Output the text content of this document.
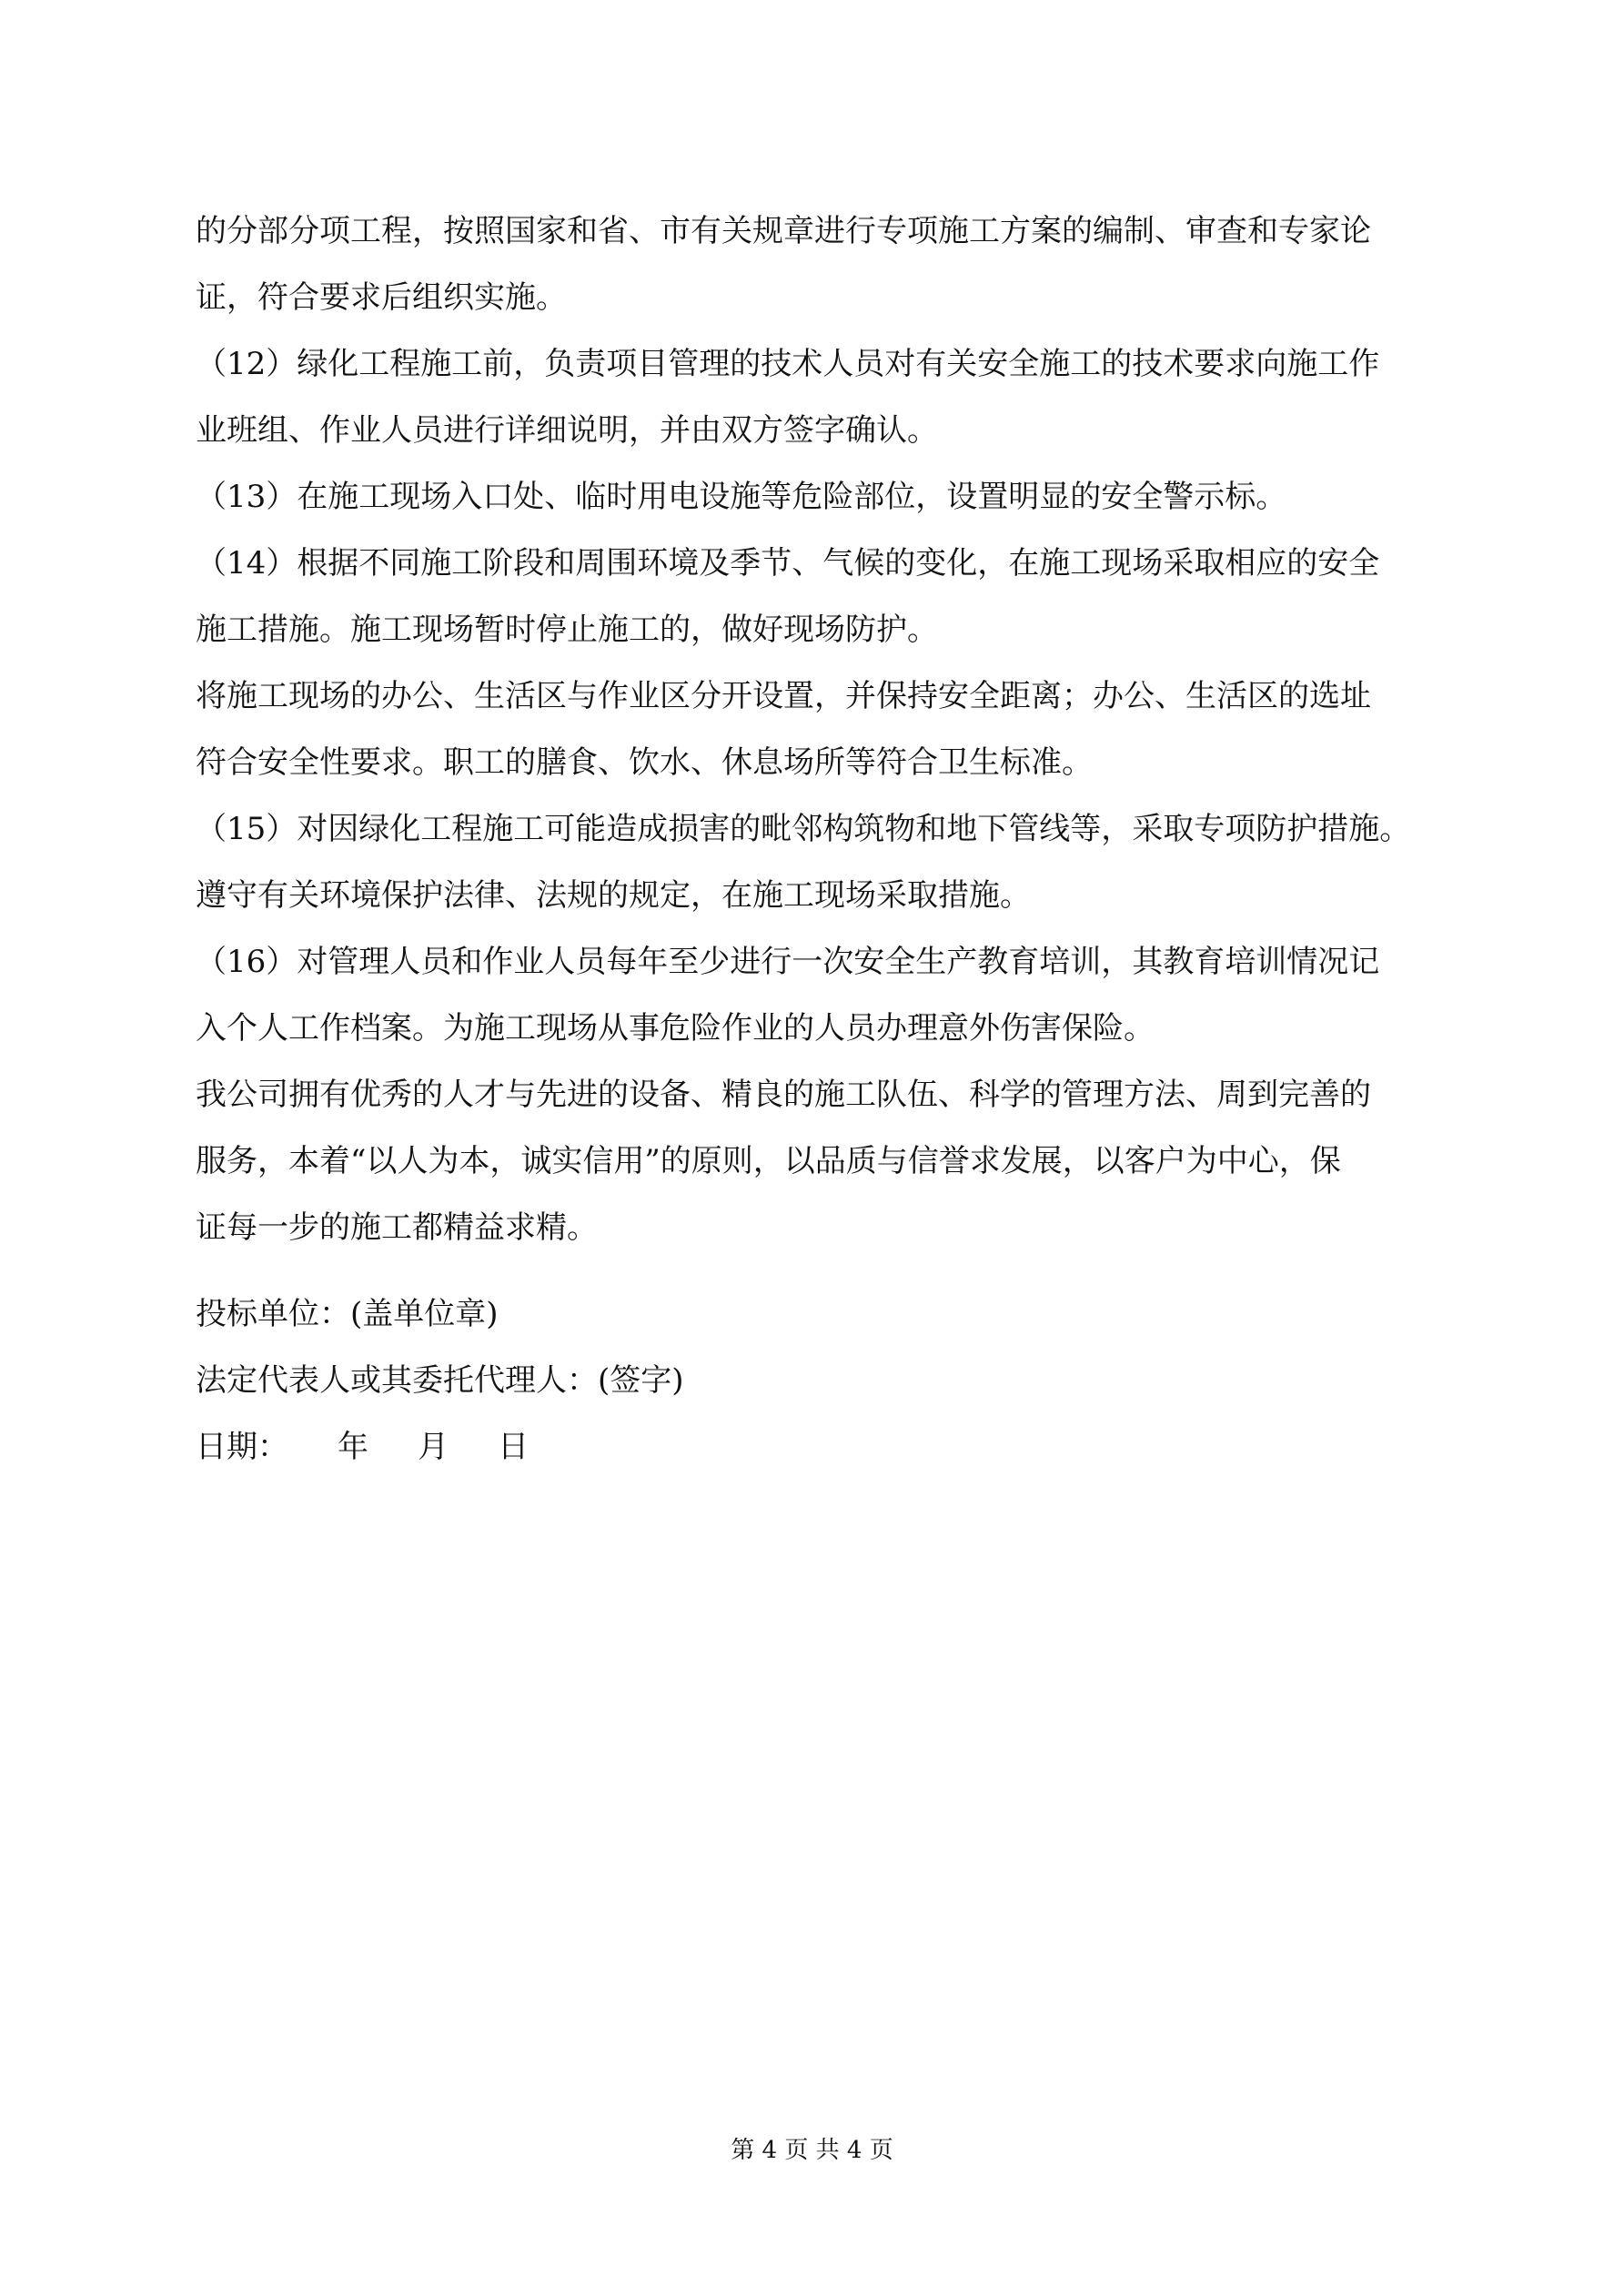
的分部分项工程，按照国家和省、市有关规章进行专项施工方案的编制、审查和专家论
证，符合要求后组织实施。
（12）绿化工程施工前，负责项目管理的技术人员对有关安全施工的技术要求向施工作
业班组、作业人员进行详细说明，并由双方签字确认。
（13）在施工现场入口处、临时用电设施等危险部位，设置明显的安全警示标。
（14）根据不同施工阶段和周围环境及季节、气候的变化，在施工现场采取相应的安全
施工措施。施工现场暂时停止施工的，做好现场防护。
将施工现场的办公、生活区与作业区分开设置，并保持安全距离；办公、生活区的选址
符合安全性要求。职工的膳食、饮水、休息场所等符合卫生标准。
（15）对因绿化工程施工可能造成损害的毗邻构筑物和地下管线等，采取专项防护措施。
遵守有关环境保护法律、法规的规定，在施工现场采取措施。
（16）对管理人员和作业人员每年至少进行一次安全生产教育培训，其教育培训情况记
入个人工作档案。为施工现场从事危险作业的人员办理意外伤害保险。
我公司拥有优秀的人才与先进的设备、精良的施工队伍、科学的管理方法、周到完善的
服务，本着“以人为本，诚实信用”的原则，以品质与信誉求发展，以客户为中心，保
证每一步的施工都精益求精。
投标单位：(盖单位章)
法定代表人或其委托代理人：(签字)
日期：     年     月     日
第 4 页 共 4 页
